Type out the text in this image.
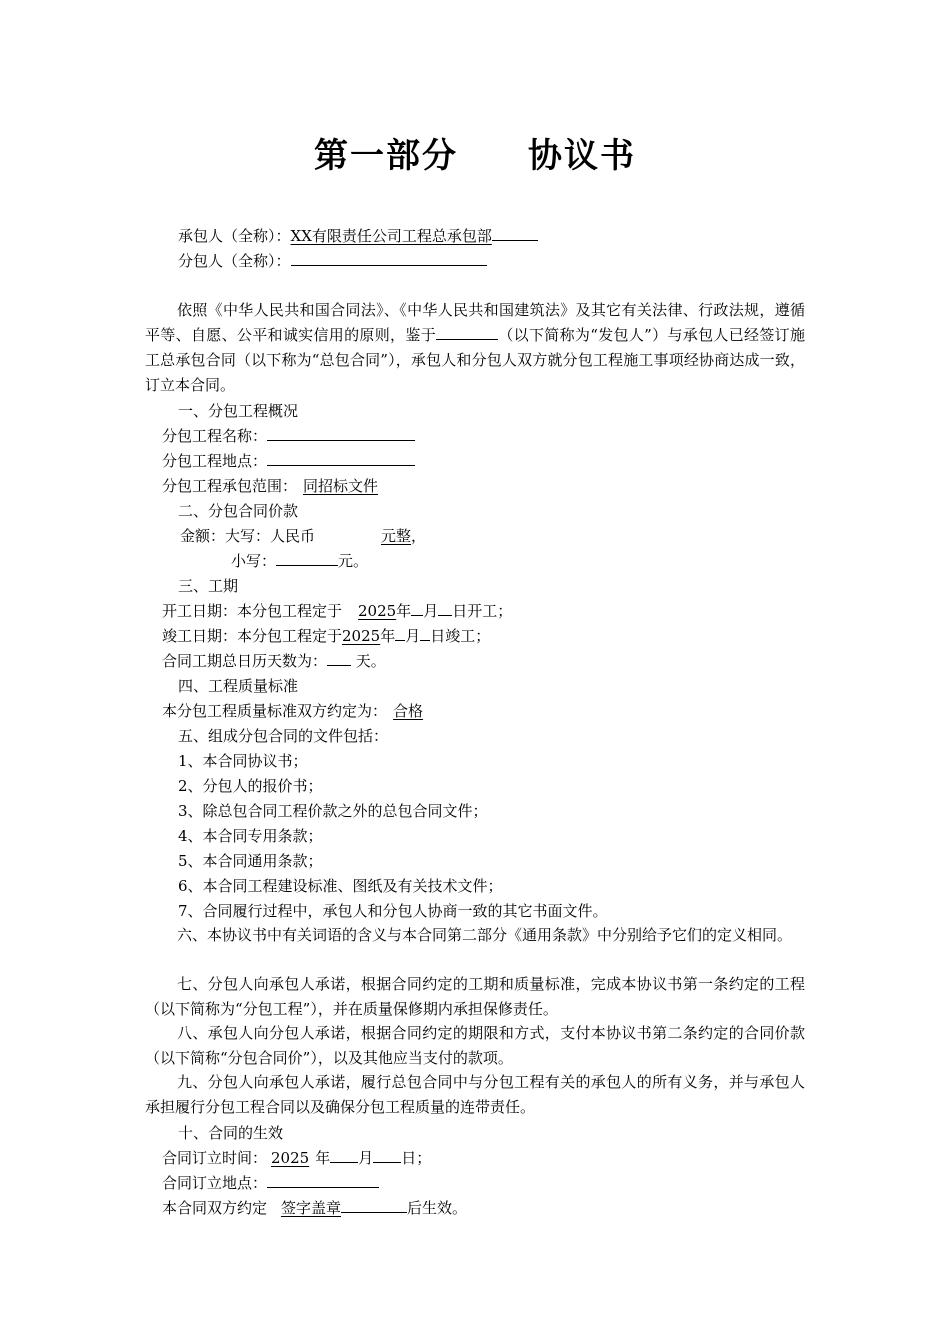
第一部分 协议书
承包人（全称）：XX有限责任公司工程总承包部
分包人（全称）：
依照《中华人民共和国合同法》、《中华人民共和国建筑法》及其它有关法律、行政法规，遵循平等、自愿、公平和诚实信用的原则，鉴于	（以下简称为“发包人”）与承包人已经签订施工总承包合同（以下称为“总包合同”），承包人和分包人双方就分包工程施工事项经协商达成一致，订立本合同。
一、分包工程概况
分包工程名称：
分包工程地点：
分包工程承包范围： 同招标文件
二、分包合同价款
金额：大写：人民币	元整，
小写：	元。
三、工期
开工日期：本分包工程定于 2025年 月 日开工；
竣工日期：本分包工程定于2025年 月 日竣工；
合同工期总日历天数为： 天。
四、工程质量标准
本分包工程质量标准双方约定为： 合格
五、组成分包合同的文件包括：
1、本合同协议书；
2、分包人的报价书；
3、除总包合同工程价款之外的总包合同文件；
4、本合同专用条款；
5、本合同通用条款；
6、本合同工程建设标准、图纸及有关技术文件；
7、合同履行过程中，承包人和分包人协商一致的其它书面文件。
六、本协议书中有关词语的含义与本合同第二部分《通用条款》中分别给予它们的定义相同。
七、分包人向承包人承诺，根据合同约定的工期和质量标准，完成本协议书第一条约定的工程（以下简称为“分包工程”），并在质量保修期内承担保修责任。
八、承包人向分包人承诺，根据合同约定的期限和方式，支付本协议书第二条约定的合同价款（以下简称“分包合同价”），以及其他应当支付的款项。
九、分包人向承包人承诺，履行总包合同中与分包工程有关的承包人的所有义务，并与承包人承担履行分包工程合同以及确保分包工程质量的连带责任。
十、合同的生效
合同订立时间： 2025 年 月 日；
合同订立地点：
本合同双方约定 签字盖章	后生效。
